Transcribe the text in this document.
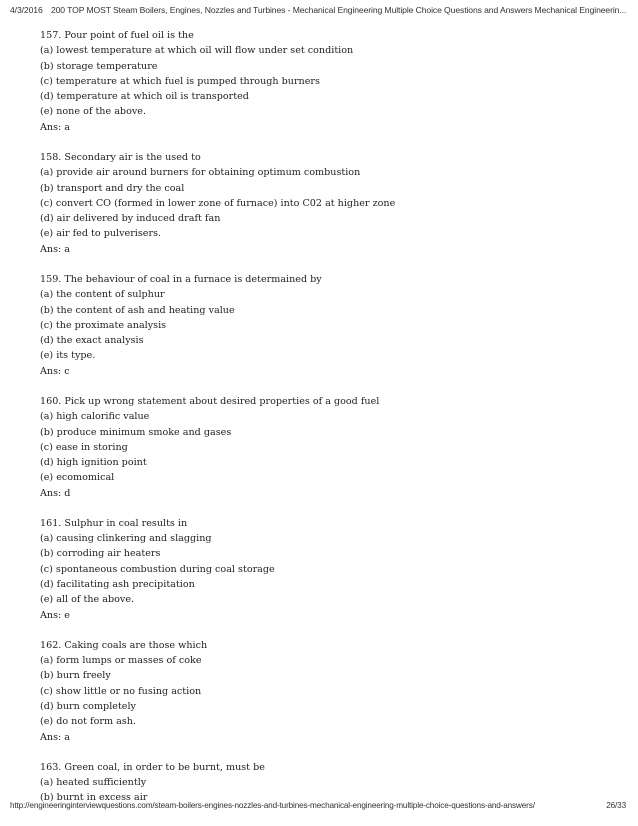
4/3/2016 200 TOP MOST Steam Boilers, Engines, Nozzles and Turbines - Mechanical Engineering Multiple Choice Questions and Answers Mechanical Engineerin...
157. Pour point of fuel oil is the
(a) lowest temperature at which oil will flow under set condition
(b) storage temperature
(c) temperature at which fuel is pumped through burners
(d) temperature at which oil is transported
(e) none of the above.
Ans: a
158. Secondary air is the used to
(a) provide air around burners for obtaining optimum combustion
(b) transport and dry the coal
(c) convert CO (formed in lower zone of furnace) into C02 at higher zone
(d) air delivered by induced draft fan
(e) air fed to pulverisers.
Ans: a
159. The behaviour of coal in a furnace is determained by
(a) the content of sulphur
(b) the content of ash and heating value
(c) the proximate analysis
(d) the exact analysis
(e) its type.
Ans: c
160. Pick up wrong statement about desired properties of a good fuel
(a) high calorific value
(b) produce minimum smoke and gases
(c) ease in storing
(d) high ignition point
(e) ecomomical
Ans: d
161. Sulphur in coal results in
(a) causing clinkering and slagging
(b) corroding air heaters
(c) spontaneous combustion during coal storage
(d) facilitating ash precipitation
(e) all of the above.
Ans: e
162. Caking coals are those which
(a) form lumps or masses of coke
(b) burn freely
(c) show little or no fusing action
(d) burn completely
(e) do not form ash.
Ans: a
163. Green coal, in order to be burnt, must be
(a) heated sufficiently
(b) burnt in excess air
http://engineeringinterviewquestions.com/steam-boilers-engines-nozzles-and-turbines-mechanical-engineering-multiple-choice-questions-and-answers/	26/33
